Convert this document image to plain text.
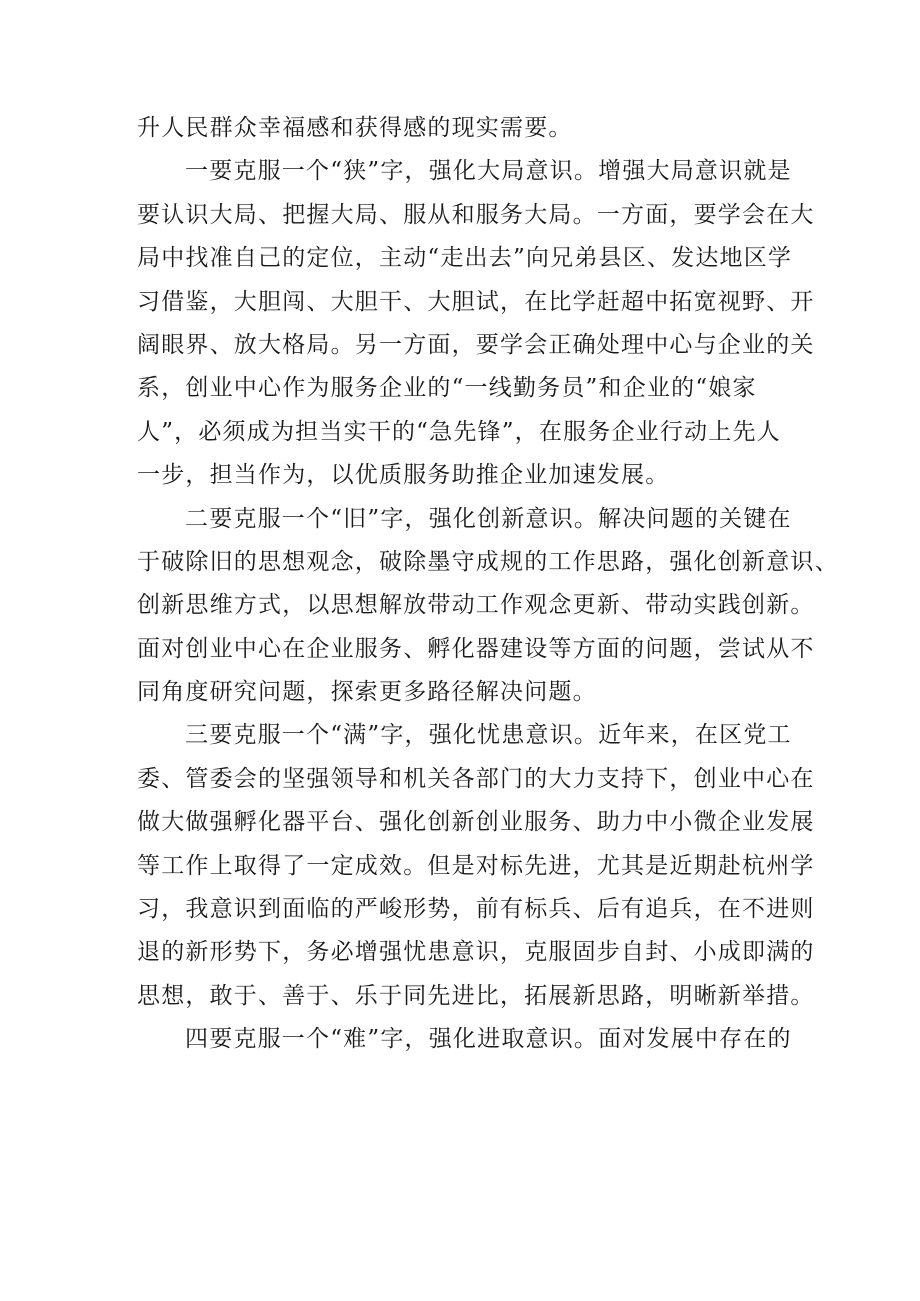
升人民群众幸福感和获得感的现实需要。
一要克服一个“狭”字，强化大局意识。增强大局意识就是
要认识大局、把握大局、服从和服务大局。一方面，要学会在大
局中找准自己的定位，主动“走出去”向兄弟县区、发达地区学
习借鉴，大胆闯、大胆干、大胆试，在比学赶超中拓宽视野、开
阔眼界、放大格局。另一方面，要学会正确处理中心与企业的关
系，创业中心作为服务企业的“一线勤务员”和企业的“娘家
人”，必须成为担当实干的“急先锋”，在服务企业行动上先人
一步，担当作为，以优质服务助推企业加速发展。
二要克服一个“旧”字，强化创新意识。解决问题的关键在
于破除旧的思想观念，破除墨守成规的工作思路，强化创新意识、
创新思维方式，以思想解放带动工作观念更新、带动实践创新。
面对创业中心在企业服务、孵化器建设等方面的问题，尝试从不
同角度研究问题，探索更多路径解决问题。
三要克服一个“满”字，强化忧患意识。近年来，在区党工
委、管委会的坚强领导和机关各部门的大力支持下，创业中心在
做大做强孵化器平台、强化创新创业服务、助力中小微企业发展
等工作上取得了一定成效。但是对标先进，尤其是近期赴杭州学
习，我意识到面临的严峻形势，前有标兵、后有追兵，在不进则
退的新形势下，务必增强忧患意识，克服固步自封、小成即满的
思想，敢于、善于、乐于同先进比，拓展新思路，明晰新举措。
四要克服一个“难”字，强化进取意识。面对发展中存在的
